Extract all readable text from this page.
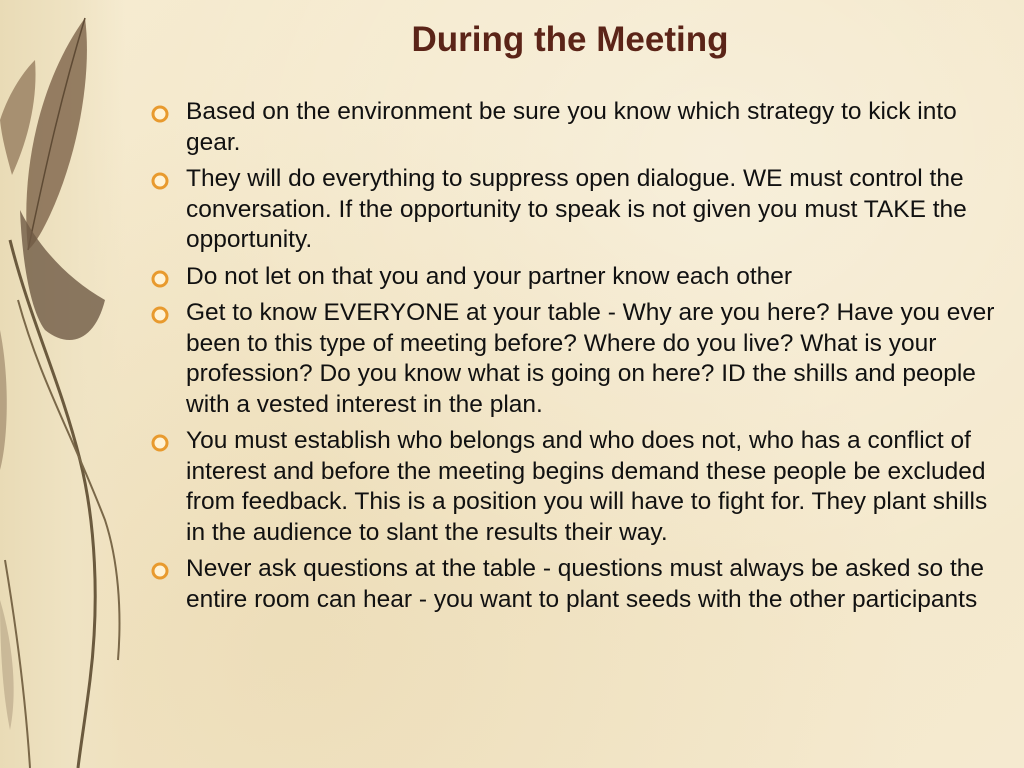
During the Meeting
Based on the environment be sure you know which strategy to kick into gear.
They will do everything to suppress open dialogue. WE must control the conversation. If the opportunity to speak is not given you must TAKE the opportunity.
Do not let on that you and your partner know each other
Get to know EVERYONE at your table - Why are you here? Have you ever been to this type of meeting before? Where do you live? What is your profession? Do you know what is going on here? ID the shills and people with a vested interest in the plan.
You must establish who belongs and who does not, who has a conflict of interest and before the meeting begins demand these people be excluded from feedback. This is a position you will have to fight for. They plant shills in the audience to slant the results their way.
Never ask questions at the table - questions must always be asked so the entire room can hear - you want to plant seeds with the other participants
